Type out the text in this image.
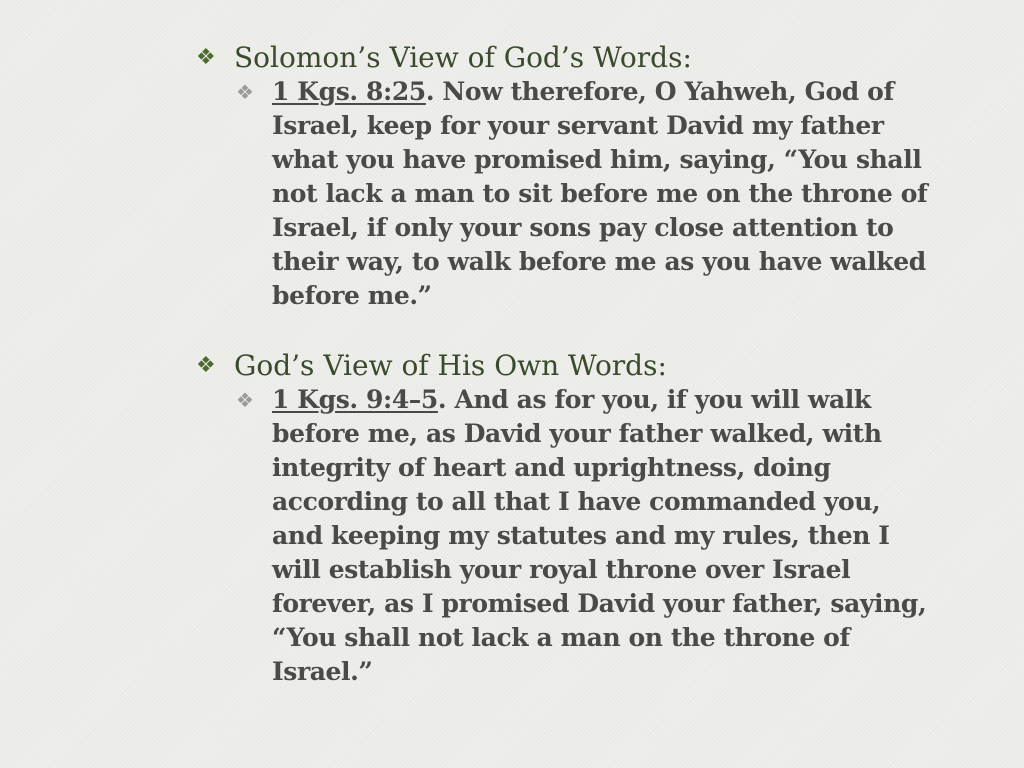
❖ Solomon’s View of God’s Words:
❖ 1 Kgs. 8:25. Now therefore, O Yahweh, God of Israel, keep for your servant David my father what you have promised him, saying, “You shall not lack a man to sit before me on the throne of Israel, if only your sons pay close attention to their way, to walk before me as you have walked before me.”
❖ God’s View of His Own Words:
❖ 1 Kgs. 9:4–5. And as for you, if you will walk before me, as David your father walked, with integrity of heart and uprightness, doing according to all that I have commanded you, and keeping my statutes and my rules, then I will establish your royal throne over Israel forever, as I promised David your father, saying, “You shall not lack a man on the throne of Israel.”
